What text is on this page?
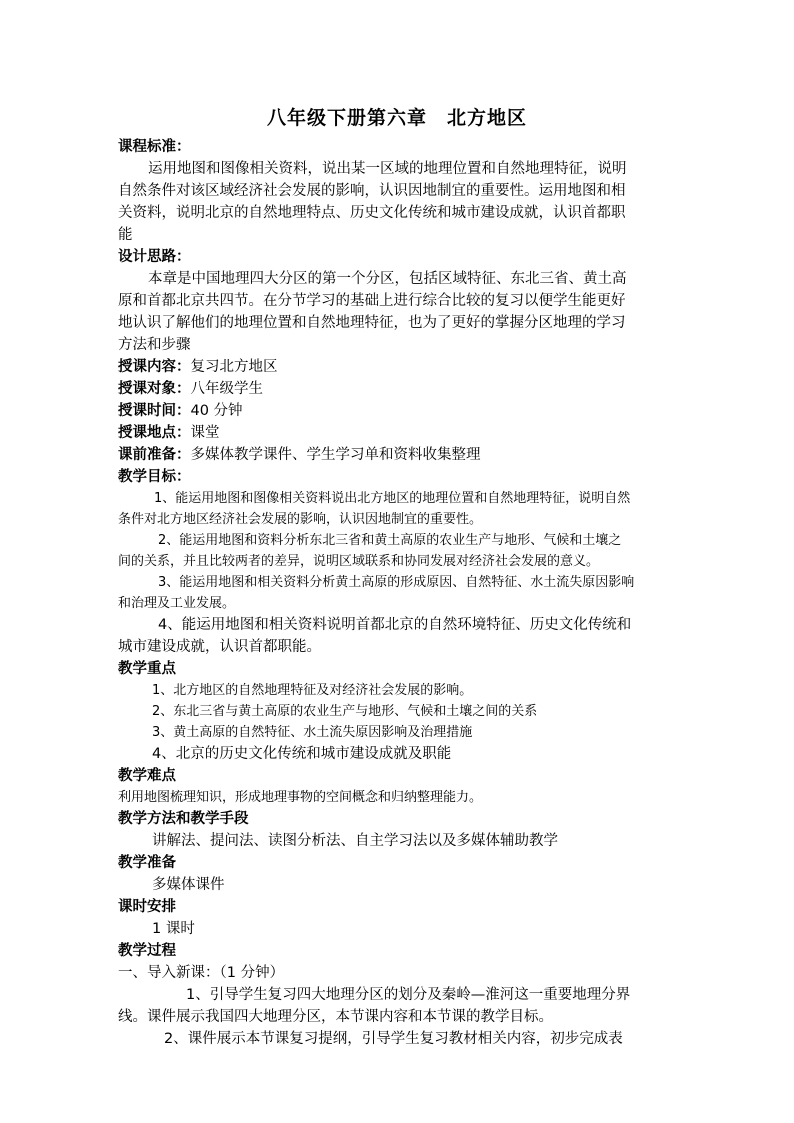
八年级下册第六章　北方地区

课程标准：

运用地图和图像相关资料，说出某一区域的地理位置和自然地理特征，说明

自然条件对该区域经济社会发展的影响，认识因地制宜的重要性。运用地图和相

关资料，说明北京的自然地理特点、历史文化传统和城市建设成就，认识首都职

能

设计思路：

本章是中国地理四大分区的第一个分区，包括区域特征、东北三省、黄土高

原和首都北京共四节。在分节学习的基础上进行综合比较的复习以便学生能更好

地认识了解他们的地理位置和自然地理特征，也为了更好的掌握分区地理的学习

方法和步骤

授课内容：复习北方地区

授课对象：八年级学生

授课时间：40 分钟

授课地点：课堂

课前准备：多媒体教学课件、学生学习单和资料收集整理

教学目标：

1、能运用地图和图像相关资料说出北方地区的地理位置和自然地理特征，说明自然

条件对北方地区经济社会发展的影响，认识因地制宜的重要性。

2、能运用地图和资料分析东北三省和黄土高原的农业生产与地形、气候和土壤之

间的关系，并且比较两者的差异，说明区域联系和协同发展对经济社会发展的意义。

3、能运用地图和相关资料分析黄土高原的形成原因、自然特征、水土流失原因影响

和治理及工业发展。

4、能运用地图和相关资料说明首都北京的自然环境特征、历史文化传统和

城市建设成就，认识首都职能。

教学重点

1、北方地区的自然地理特征及对经济社会发展的影响。

2、东北三省与黄土高原的农业生产与地形、气候和土壤之间的关系

3、黄土高原的自然特征、水土流失原因影响及治理措施

4、北京的历史文化传统和城市建设成就及职能

教学难点

利用地图梳理知识，形成地理事物的空间概念和归纳整理能力。

教学方法和教学手段

讲解法、提问法、读图分析法、自主学习法以及多媒体辅助教学

教学准备

多媒体课件

课时安排

1 课时

教学过程

一、导入新课：（1 分钟）

1、引导学生复习四大地理分区的划分及秦岭—淮河这一重要地理分界

线。课件展示我国四大地理分区，本节课内容和本节课的教学目标。

2、课件展示本节课复习提纲，引导学生复习教材相关内容，初步完成表
